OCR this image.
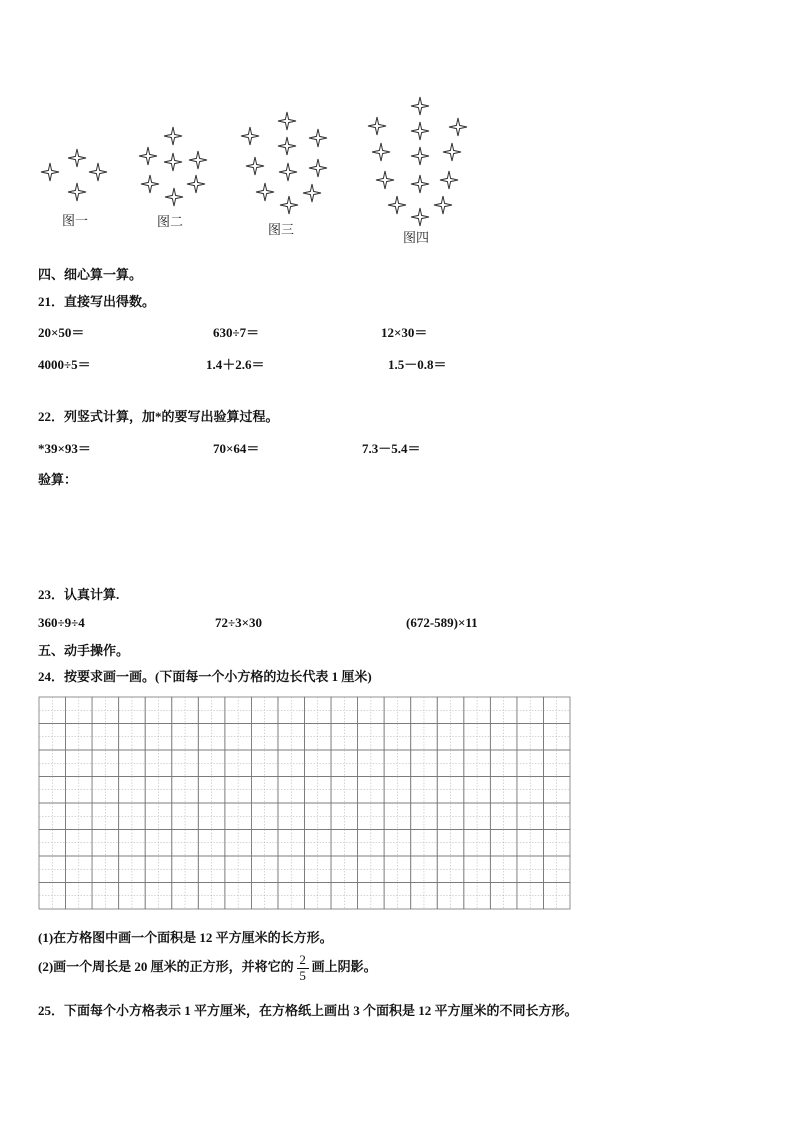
图一	图二
图三
图四
四、细心算一算。
21．直接写出得数。
20×50＝	630÷7＝	12×30＝
4000÷5＝	1.4＋2.6＝	1.5－0.8＝
22．列竖式计算，加*的要写出验算过程。
*39×93＝	70×64＝	7.3－5.4＝
验算：
23．认真计算.
360÷9÷4	72÷3×30	(672-589)×11
五、动手操作。
24．按要求画一画。(下面每一个小方格的边长代表 1 厘米)
(1)在方格图中画一个面积是 12 平方厘米的长方形。
(2)画一个周长是 20 厘米的正方形，并将它的 $\frac{2}{5}$ 画上阴影。
25．下面每个小方格表示 1 平方厘米，在方格纸上画出 3 个面积是 12 平方厘米的不同长方形。
